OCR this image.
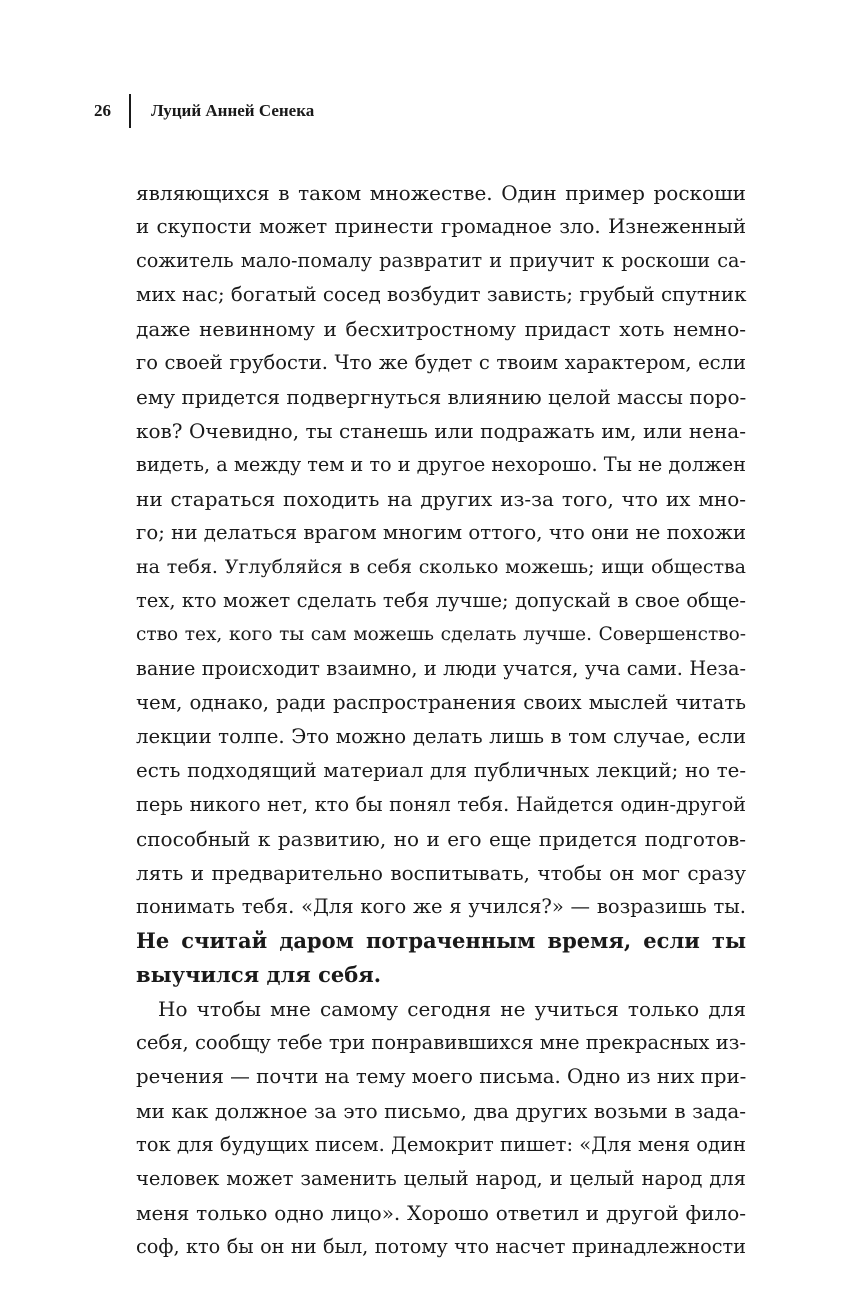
26 Луций Анней Сенека
являющихся в таком множестве. Один пример роскоши
и скупости может принести громадное зло. Изнеженный
сожитель мало-помалу развратит и приучит к роскоши са-
мих нас; богатый сосед возбудит зависть; грубый спутник
даже невинному и бесхитростному придаст хоть немно-
го своей грубости. Что же будет с твоим характером, если
ему придется подвергнуться влиянию целой массы поро-
ков? Очевидно, ты станешь или подражать им, или нена-
видеть, а между тем и то и другое нехорошо. Ты не должен
ни стараться походить на других из-за того, что их мно-
го; ни делаться врагом многим оттого, что они не похожи
на тебя. Углубляйся в себя сколько можешь; ищи общества
тех, кто может сделать тебя лучше; допускай в свое обще-
ство тех, кого ты сам можешь сделать лучше. Совершенство-
вание происходит взаимно, и люди учатся, уча сами. Неза-
чем, однако, ради распространения своих мыслей читать
лекции толпе. Это можно делать лишь в том случае, если
есть подходящий материал для публичных лекций; но те-
перь никого нет, кто бы понял тебя. Найдется один-другой
способный к развитию, но и его еще придется подготов-
лять и предварительно воспитывать, чтобы он мог сразу
понимать тебя. «Для кого же я учился?» — возразишь ты.
Не считай даром потраченным время, если ты
выучился для себя.
Но чтобы мне самому сегодня не учиться только для
себя, сообщу тебе три понравившихся мне прекрасных из-
речения — почти на тему моего письма. Одно из них при-
ми как должное за это письмо, два других возьми в зада-
ток для будущих писем. Демокрит пишет: «Для меня один
человек может заменить целый народ, и целый народ для
меня только одно лицо». Хорошо ответил и другой фило-
соф, кто бы он ни был, потому что насчет принадлежности
